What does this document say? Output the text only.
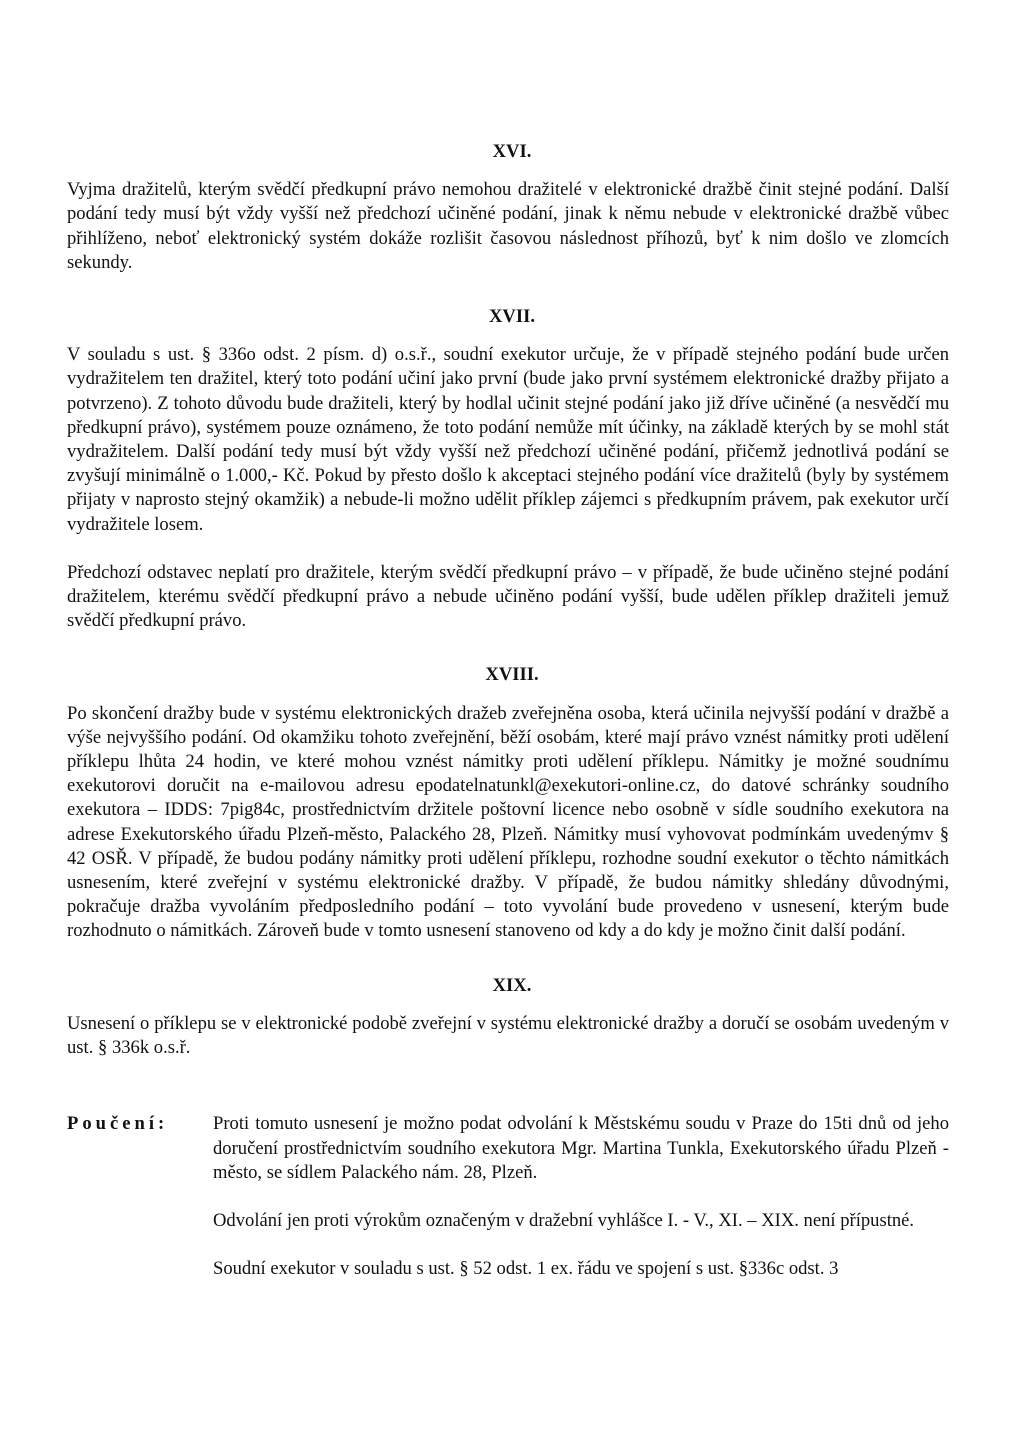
XVI.

Vyjma dražitelů, kterým svědčí předkupní právo nemohou dražitelé v elektronické dražbě činit stejné podání. Další podání tedy musí být vždy vyšší než předchozí učiněné podání, jinak k němu nebude v elektronické dražbě vůbec přihlíženo, neboť elektronický systém dokáže rozlišit časovou následnost příhozů, byť k nim došlo ve zlomcích sekundy.

XVII.

V souladu s ust. § 336o odst. 2 písm. d) o.s.ř., soudní exekutor určuje, že v případě stejného podání bude určen vydražitelem ten dražitel, který toto podání učiní jako první (bude jako první systémem elektronické dražby přijato a potvrzeno). Z tohoto důvodu bude dražiteli, který by hodlal učinit stejné podání jako již dříve učiněné (a nesvědčí mu předkupní právo), systémem pouze oznámeno, že toto podání nemůže mít účinky, na základě kterých by se mohl stát vydražitelem. Další podání tedy musí být vždy vyšší než předchozí učiněné podání, přičemž jednotlivá podání se zvyšují minimálně o 1.000,- Kč. Pokud by přesto došlo k akceptaci stejného podání více dražitelů (byly by systémem přijaty v naprosto stejný okamžik) a nebude-li možno udělit příklep zájemci s předkupním právem, pak exekutor určí vydražitele losem.

Předchozí odstavec neplatí pro dražitele, kterým svědčí předkupní právo – v případě, že bude učiněno stejné podání dražitelem, kterému svědčí předkupní právo a nebude učiněno podání vyšší, bude udělen příklep dražiteli jemuž svědčí předkupní právo.

XVIII.

Po skončení dražby bude v systému elektronických dražeb zveřejněna osoba, která učinila nejvyšší podání v dražbě a výše nejvyššího podání. Od okamžiku tohoto zveřejnění, běží osobám, které mají právo vznést námitky proti udělení příklepu lhůta 24 hodin, ve které mohou vznést námitky proti udělení příklepu. Námitky je možné soudnímu exekutorovi doručit na e-mailovou adresu epodatelnatunkl@exekutori-online.cz, do datové schránky soudního exekutora – IDDS: 7pig84c, prostřednictvím držitele poštovní licence nebo osobně v sídle soudního exekutora na adrese Exekutorského úřadu Plzeň-město, Palackého 28, Plzeň. Námitky musí vyhovovat podmínkám uvedenýmv § 42 OSŘ. V případě, že budou podány námitky proti udělení příklepu, rozhodne soudní exekutor o těchto námitkách usnesením, které zveřejní v systému elektronické dražby. V případě, že budou námitky shledány důvodnými, pokračuje dražba vyvoláním předposledního podání – toto vyvolání bude provedeno v usnesení, kterým bude rozhodnuto o námitkách. Zároveň bude v tomto usnesení stanoveno od kdy a do kdy je možno činit další podání.

XIX.

Usnesení o příklepu se v elektronické podobě zveřejní v systému elektronické dražby a doručí se osobám uvedeným v ust. § 336k o.s.ř.

Poučení:	Proti tomuto usnesení je možno podat odvolání k Městskému soudu v Praze do 15ti dnů od jeho doručení prostřednictvím soudního exekutora Mgr. Martina Tunkla, Exekutorského úřadu Plzeň - město, se sídlem Palackého nám. 28, Plzeň.

Odvolání jen proti výrokům označeným v dražební vyhlášce I. - V., XI. – XIX. není přípustné.

Soudní exekutor v souladu s ust. § 52 odst. 1 ex. řádu ve spojení s ust. §336c odst. 3
